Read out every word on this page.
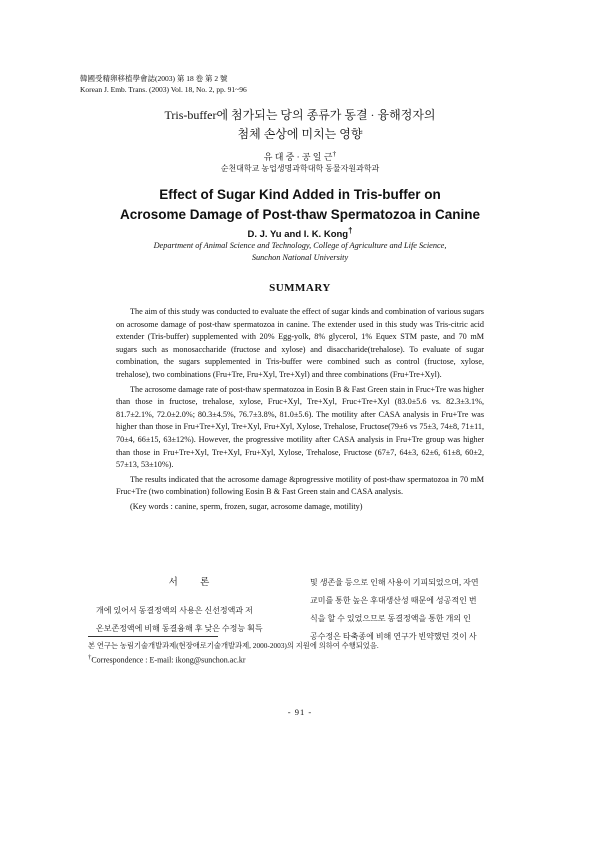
韓國受精卵移植學會誌(2003) 第 18 卷 第 2 號
Korean J. Emb. Trans. (2003) Vol. 18, No. 2, pp. 91~96
Tris-buffer에 첨가되는 당의 종류가 동결 · 융해정자의
첨체 손상에 미치는 영향
유 대 중 · 공 일 근†
순천대학교 농업생명과학대학 동물자원과학과
Effect of Sugar Kind Added in Tris-buffer on
Acrosome Damage of Post-thaw Spermatozoa in Canine
D. J. Yu and I. K. Kong†
Department of Animal Science and Technology, College of Agriculture and Life Science,
Sunchon National University
SUMMARY

The aim of this study was conducted to evaluate the effect of sugar kinds and combination of various sugars on acrosome damage of post-thaw spermatozoa in canine. The extender used in this study was Tris-citric acid extender (Tris-buffer) supplemented with 20% Egg-yolk, 8% glycerol, 1% Equex STM paste, and 70 mM sugars such as monosaccharide (fructose and xylose) and disaccharide(trehalose). To evaluate of sugar combination, the sugars supplemented in Tris-buffer were combined such as control (fructose, xylose, trehalose), two combinations (Fru+Tre, Fru+Xyl, Tre+Xyl) and three combinations (Fru+Tre+Xyl).

The acrosome damage rate of post-thaw spermatozoa in Eosin B & Fast Green stain in Fruc+Tre was higher than those in fructose, trehalose, xylose, Fruc+Xyl, Tre+Xyl, Fruc+Tre+Xyl (83.0±5.6 vs. 82.3±3.1%, 81.7±2.1%, 72.0±2.0%; 80.3±4.5%, 76.7±3.8%, 81.0±5.6). The motility after CASA analysis in Fru+Tre was higher than those in Fru+Tre+Xyl, Tre+Xyl, Fru+Xyl, Xylose, Trehalose, Fructose(79±6 vs 75±3, 74±8, 71±11, 70±4, 66±15, 63±12%). However, the progressive motility after CASA analysis in Fru+Tre group was higher than those in Fru+Tre+Xyl, Tre+Xyl, Fru+Xyl, Xylose, Trehalose, Fructose (67±7, 64±3, 62±6, 61±8, 60±2, 57±13, 53±10%).

The results indicated that the acrosome damage &progressive motility of post-thaw spermatozoa in 70 mM Fruc+Tre (two combination) following Eosin B & Fast Green stain and CASA analysis.

(Key words : canine, sperm, frozen, sugar, acrosome damage, motility)

서 론

개에 있어서 동결정액의 사용은 신선정액과 저

온보존정액에 비해 동결융해 후 낮은 수정능 획득

및 생존율 등으로 인해 사용이 기피되었으며, 자연

교미를 통한 높은 후대생산성 때문에 성공적인 번

식을 할 수 있었으므로 동결정액을 통한 개의 인

공수정은 타축종에 비해 연구가 빈약했던 것이 사

본 연구는 농림기술개발과제(현장애로기술개발과제, 2000-2003)의 지원에 의하여 수행되었음.
†Correspondence : E-mail: ikong@sunchon.ac.kr
- 91 -
